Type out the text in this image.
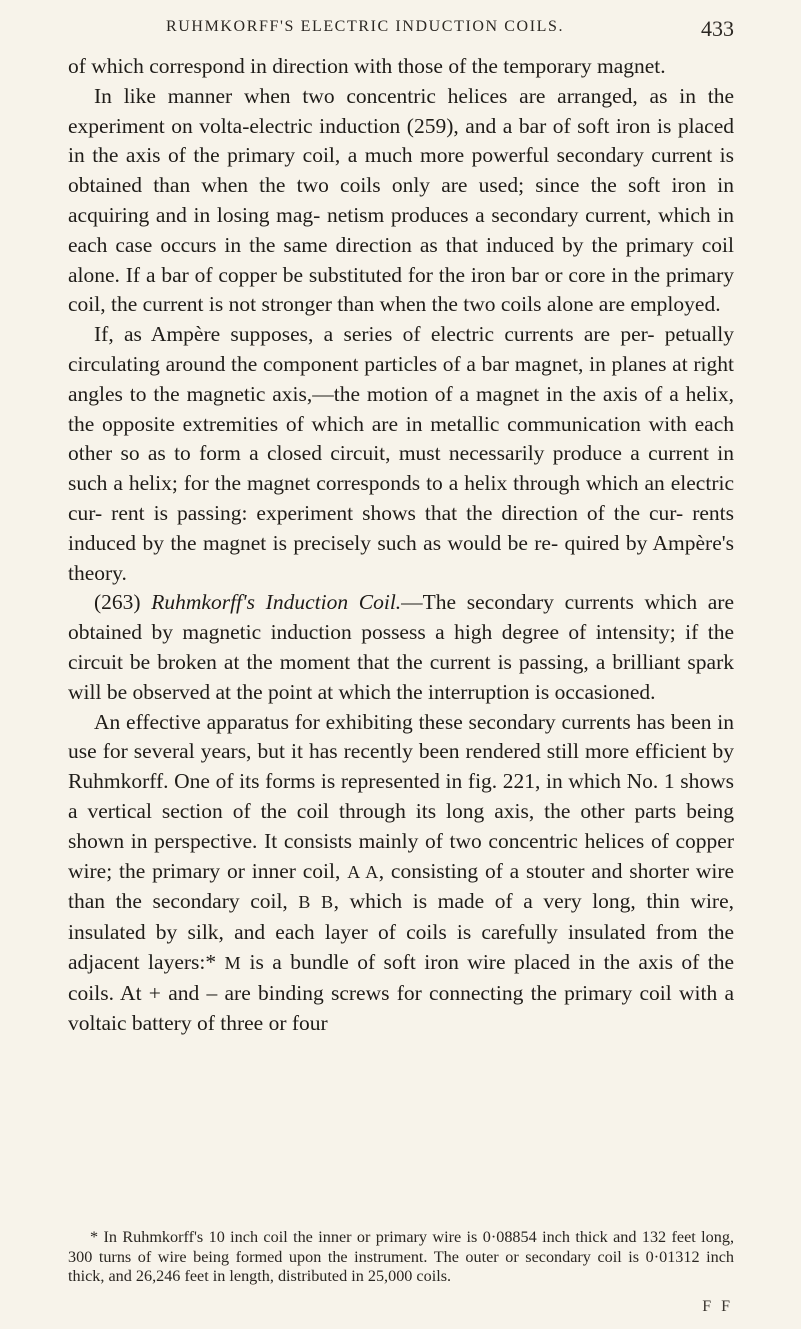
RUHMKORFF'S ELECTRIC INDUCTION COILS.	433

of which correspond in direction with those of the temporary magnet.

In like manner when two concentric helices are arranged, as in the experiment on volta-electric induction (259), and a bar of soft iron is placed in the axis of the primary coil, a much more powerful secondary current is obtained than when the two coils only are used; since the soft iron in acquiring and in losing mag- netism produces a secondary current, which in each case occurs in the same direction as that induced by the primary coil alone. If a bar of copper be substituted for the iron bar or core in the primary coil, the current is not stronger than when the two coils alone are employed.

If, as Ampère supposes, a series of electric currents are per- petually circulating around the component particles of a bar magnet, in planes at right angles to the magnetic axis,—the motion of a magnet in the axis of a helix, the opposite extremities of which are in metallic communication with each other so as to form a closed circuit, must necessarily produce a current in such a helix; for the magnet corresponds to a helix through which an electric cur- rent is passing: experiment shows that the direction of the cur- rents induced by the magnet is precisely such as would be re- quired by Ampère's theory.

(263) Ruhmkorff's Induction Coil.—The secondary currents which are obtained by magnetic induction possess a high degree of intensity; if the circuit be broken at the moment that the current is passing, a brilliant spark will be observed at the point at which the interruption is occasioned.

An effective apparatus for exhibiting these secondary currents has been in use for several years, but it has recently been rendered still more efficient by Ruhmkorff. One of its forms is represented in fig. 221, in which No. 1 shows a vertical section of the coil through its long axis, the other parts being shown in perspective. It consists mainly of two concentric helices of copper wire; the primary or inner coil, A A, consisting of a stouter and shorter wire than the secondary coil, B B, which is made of a very long, thin wire, insulated by silk, and each layer of coils is carefully insulated from the adjacent layers:* M is a bundle of soft iron wire placed in the axis of the coils. At + and – are binding screws for connecting the primary coil with a voltaic battery of three or four

* In Ruhmkorff's 10 inch coil the inner or primary wire is 0·08854 inch thick and 132 feet long, 300 turns of wire being formed upon the instrument. The outer or secondary coil is 0·01312 inch thick, and 26,246 feet in length, distributed in 25,000 coils.

F F
